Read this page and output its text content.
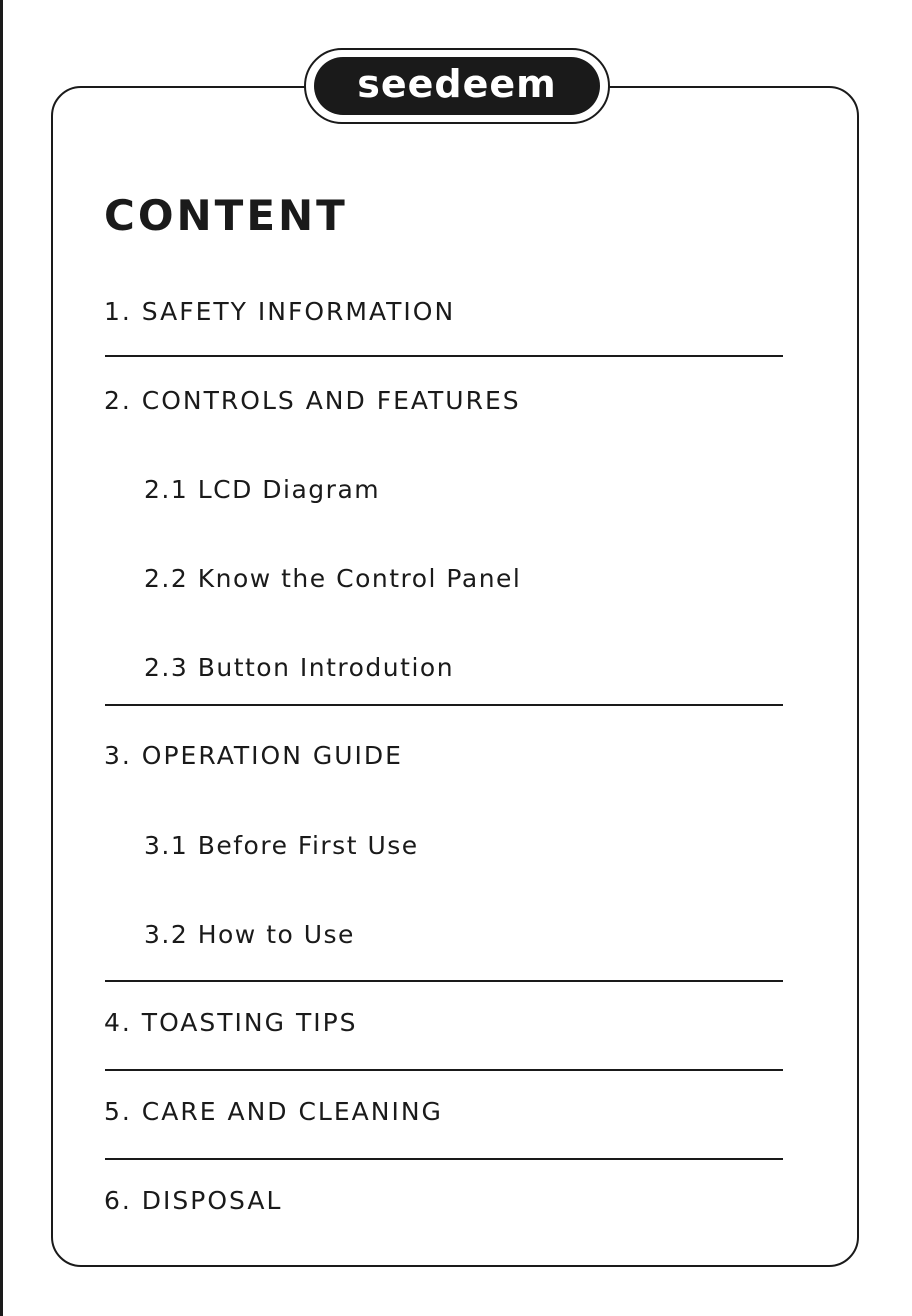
seedeem
CONTENT
1. SAFETY INFORMATION
2. CONTROLS AND FEATURES
2.1 LCD Diagram
2.2 Know the Control Panel
2.3 Button Introdution
3. OPERATION GUIDE
3.1 Before First Use
3.2 How to Use
4. TOASTING TIPS
5. CARE AND CLEANING
6. DISPOSAL
